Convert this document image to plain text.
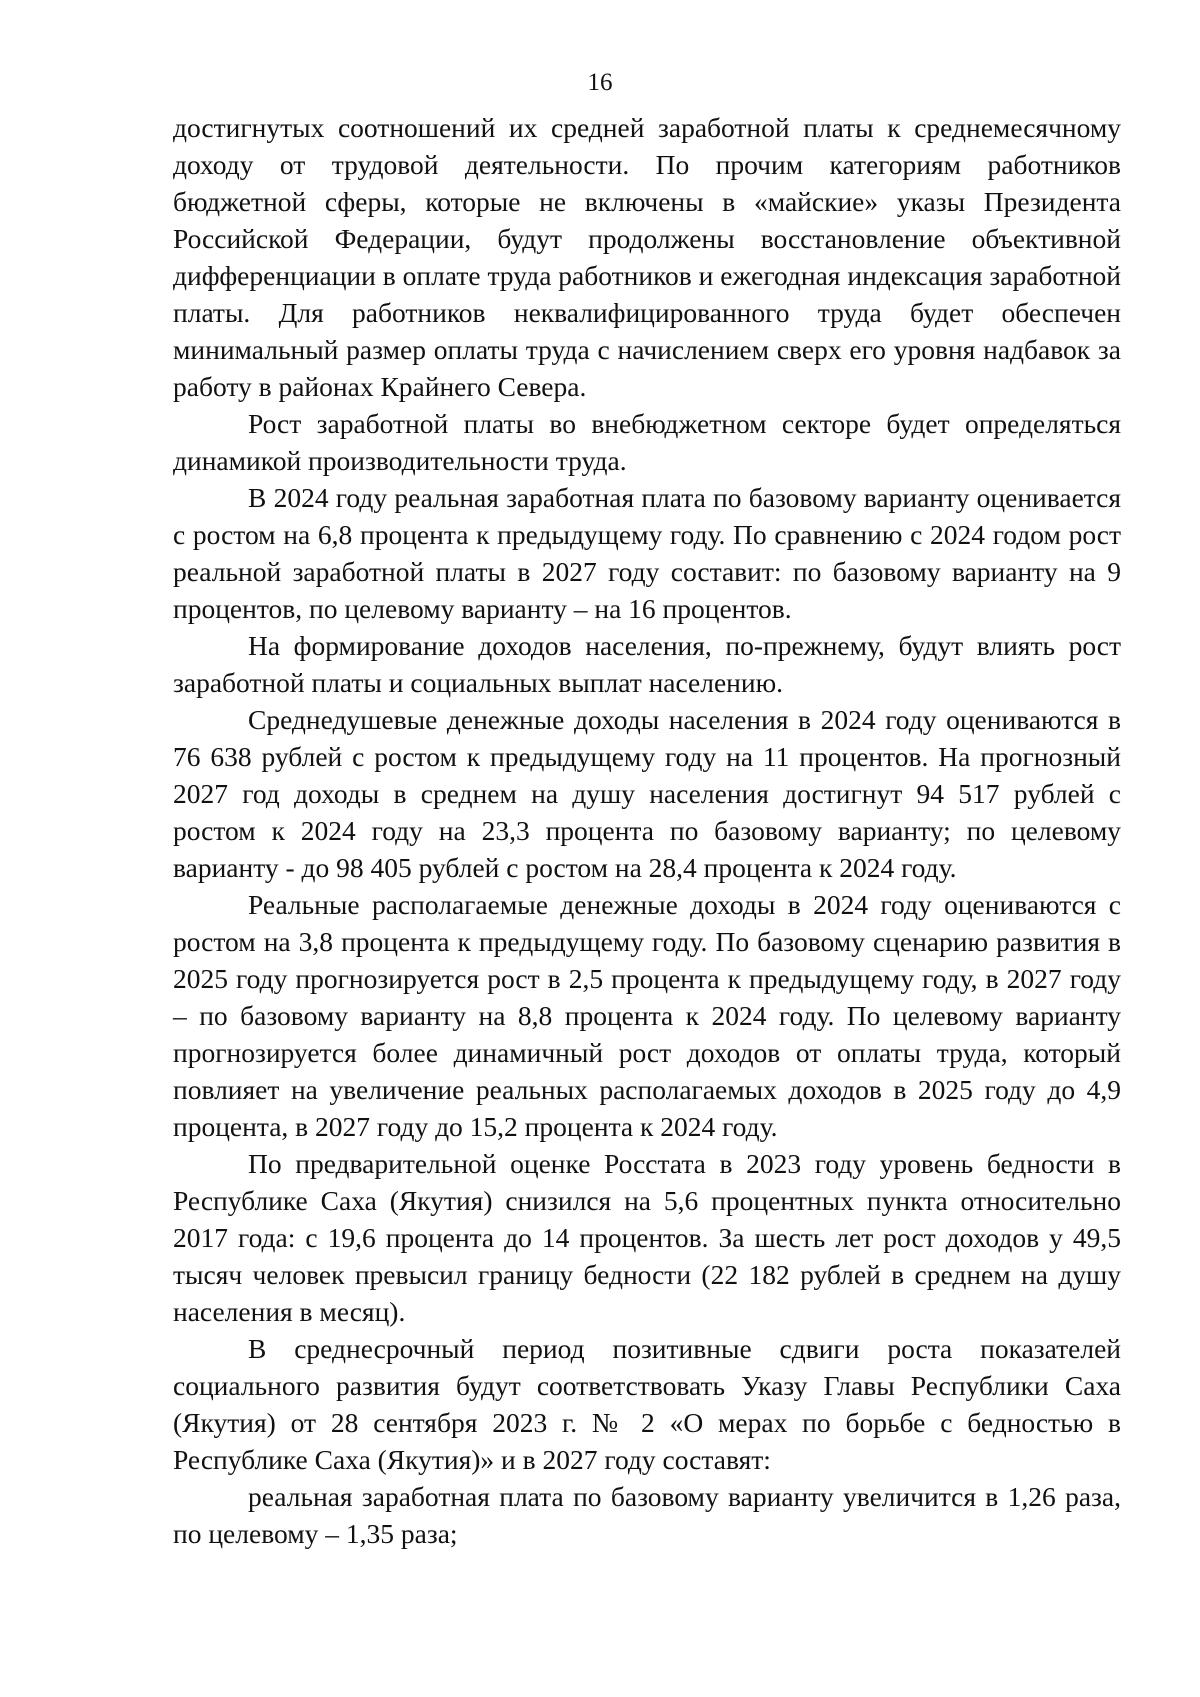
16

достигнутых соотношений их средней заработной платы к среднемесячному доходу от трудовой деятельности. По прочим категориям работников бюджетной сферы, которые не включены в «майские» указы Президента Российской Федерации, будут продолжены восстановление объективной дифференциации в оплате труда работников и ежегодная индексация заработной платы. Для работников неквалифицированного труда будет обеспечен минимальный размер оплаты труда с начислением сверх его уровня надбавок за работу в районах Крайнего Севера.

Рост заработной платы во внебюджетном секторе будет определяться динамикой производительности труда.

В 2024 году реальная заработная плата по базовому варианту оценивается с ростом на 6,8 процента к предыдущему году. По сравнению с 2024 годом рост реальной заработной платы в 2027 году составит: по базовому варианту на 9 процентов, по целевому варианту – на 16 процентов.

На формирование доходов населения, по-прежнему, будут влиять рост заработной платы и социальных выплат населению.

Среднедушевые денежные доходы населения в 2024 году оцениваются в 76 638 рублей с ростом к предыдущему году на 11 процентов. На прогнозный 2027 год доходы в среднем на душу населения достигнут 94 517 рублей с ростом к 2024 году на 23,3 процента по базовому варианту; по целевому варианту - до 98 405 рублей с ростом на 28,4 процента к 2024 году.

Реальные располагаемые денежные доходы в 2024 году оцениваются с ростом на 3,8 процента к предыдущему году. По базовому сценарию развития в 2025 году прогнозируется рост в 2,5 процента к предыдущему году, в 2027 году – по базовому варианту на 8,8 процента к 2024 году. По целевому варианту прогнозируется более динамичный рост доходов от оплаты труда, который повлияет на увеличение реальных располагаемых доходов в 2025 году до 4,9 процента, в 2027 году до 15,2 процента к 2024 году.

По предварительной оценке Росстата в 2023 году уровень бедности в Республике Саха (Якутия) снизился на 5,6 процентных пункта относительно 2017 года: с 19,6 процента до 14 процентов. За шесть лет рост доходов у 49,5 тысяч человек превысил границу бедности (22 182 рублей в среднем на душу населения в месяц).

В среднесрочный период позитивные сдвиги роста показателей социального развития будут соответствовать Указу Главы Республики Саха (Якутия) от 28 сентября 2023 г. № 2 «О мерах по борьбе с бедностью в Республике Саха (Якутия)» и в 2027 году составят:

реальная заработная плата по базовому варианту увеличится в 1,26 раза, по целевому – 1,35 раза;
